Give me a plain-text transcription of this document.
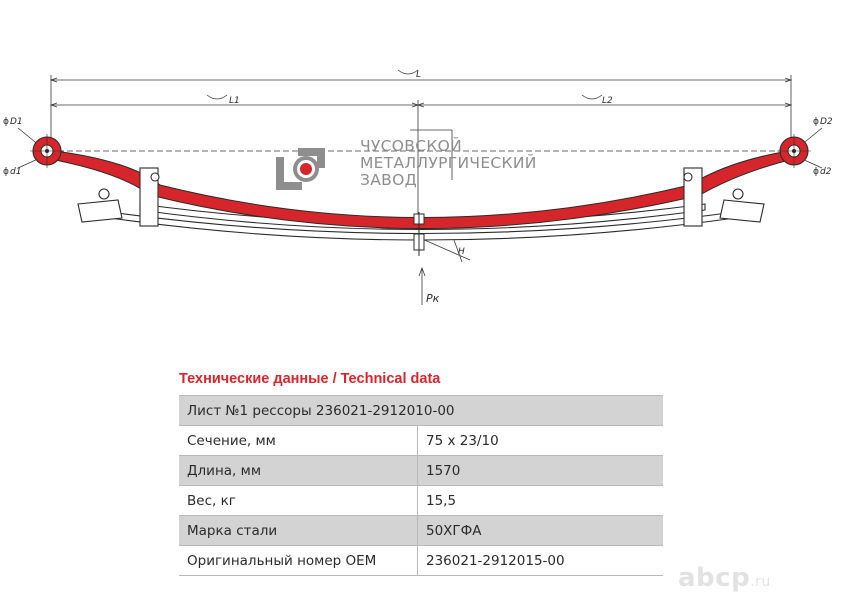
L
L1	L2
D1
d1
D2
d2
H
Pк
ϕ
ϕ
ϕ
ϕ
ЧУСОВСКОЙ
МЕТАЛЛУРГИЧЕСКИЙ
ЗАВОД
Технические данные / Technical data
Лист №1 рессоры 236021-2912010-00	
Сечение, мм	75 х 23/10
Длина, мм	1570
Вес, кг	15,5
Марка стали	50ХГФА
Оригинальный номер OEM	236021-2912015-00
abcp.ru
